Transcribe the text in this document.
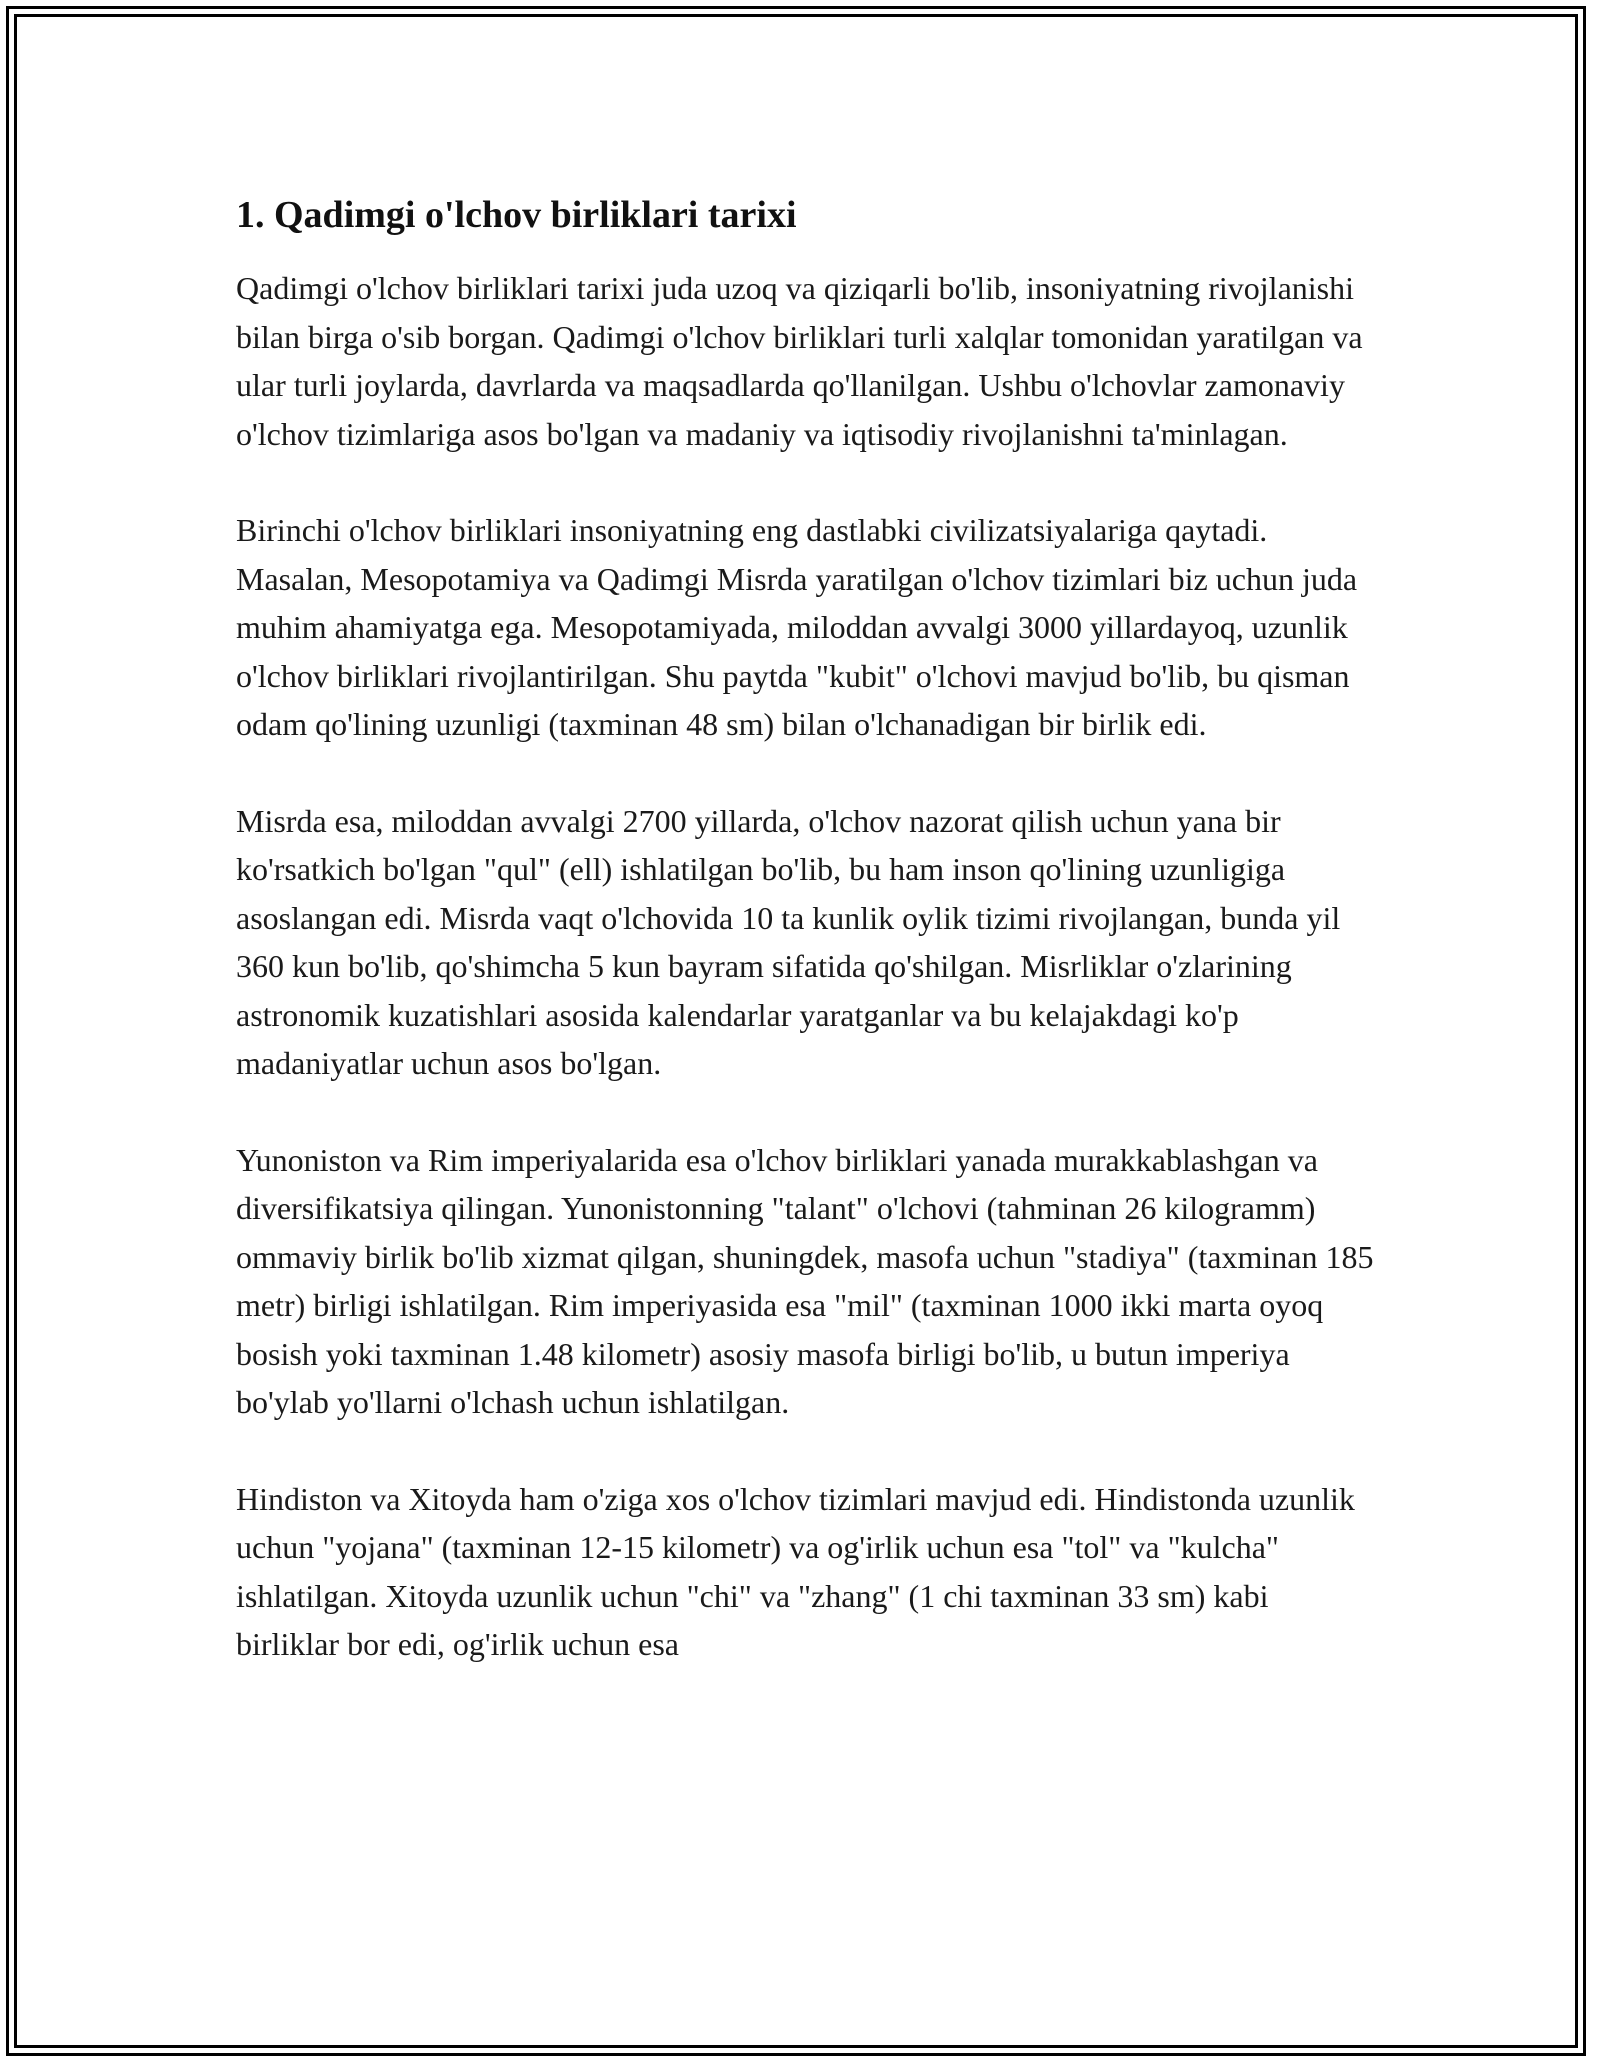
1. Qadimgi o'lchov birliklari tarixi

Qadimgi o'lchov birliklari tarixi juda uzoq va qiziqarli bo'lib, insoniyatning rivojlanishi bilan birga o'sib borgan. Qadimgi o'lchov birliklari turli xalqlar tomonidan yaratilgan va ular turli joylarda, davrlarda va maqsadlarda qo'llanilgan. Ushbu o'lchovlar zamonaviy o'lchov tizimlariga asos bo'lgan va madaniy va iqtisodiy rivojlanishni ta'minlagan.

Birinchi o'lchov birliklari insoniyatning eng dastlabki civilizatsiyalariga qaytadi. Masalan, Mesopotamiya va Qadimgi Misrda yaratilgan o'lchov tizimlari biz uchun juda muhim ahamiyatga ega. Mesopotamiyada, miloddan avvalgi 3000 yillardayoq, uzunlik o'lchov birliklari rivojlantirilgan. Shu paytda "kubit" o'lchovi mavjud bo'lib, bu qisman odam qo'lining uzunligi (taxminan 48 sm) bilan o'lchanadigan bir birlik edi.

Misrda esa, miloddan avvalgi 2700 yillarda, o'lchov nazorat qilish uchun yana bir ko'rsatkich bo'lgan "qul" (ell) ishlatilgan bo'lib, bu ham inson qo'lining uzunligiga asoslangan edi. Misrda vaqt o'lchovida 10 ta kunlik oylik tizimi rivojlangan, bunda yil 360 kun bo'lib, qo'shimcha 5 kun bayram sifatida qo'shilgan. Misrliklar o'zlarining astronomik kuzatishlari asosida kalendarlar yaratganlar va bu kelajakdagi ko'p madaniyatlar uchun asos bo'lgan.

Yunoniston va Rim imperiyalarida esa o'lchov birliklari yanada murakkablashgan va diversifikatsiya qilingan. Yunonistonning "talant" o'lchovi (tahminan 26 kilogramm) ommaviy birlik bo'lib xizmat qilgan, shuningdek, masofa uchun "stadiya" (taxminan 185 metr) birligi ishlatilgan. Rim imperiyasida esa "mil" (taxminan 1000 ikki marta oyoq bosish yoki taxminan 1.48 kilometr) asosiy masofa birligi bo'lib, u butun imperiya bo'ylab yo'llarni o'lchash uchun ishlatilgan.

Hindiston va Xitoyda ham o'ziga xos o'lchov tizimlari mavjud edi. Hindistonda uzunlik uchun "yojana" (taxminan 12-15 kilometr) va og'irlik uchun esa "tol" va "kulcha" ishlatilgan. Xitoyda uzunlik uchun "chi" va "zhang" (1 chi taxminan 33 sm) kabi birliklar bor edi, og'irlik uchun esa
